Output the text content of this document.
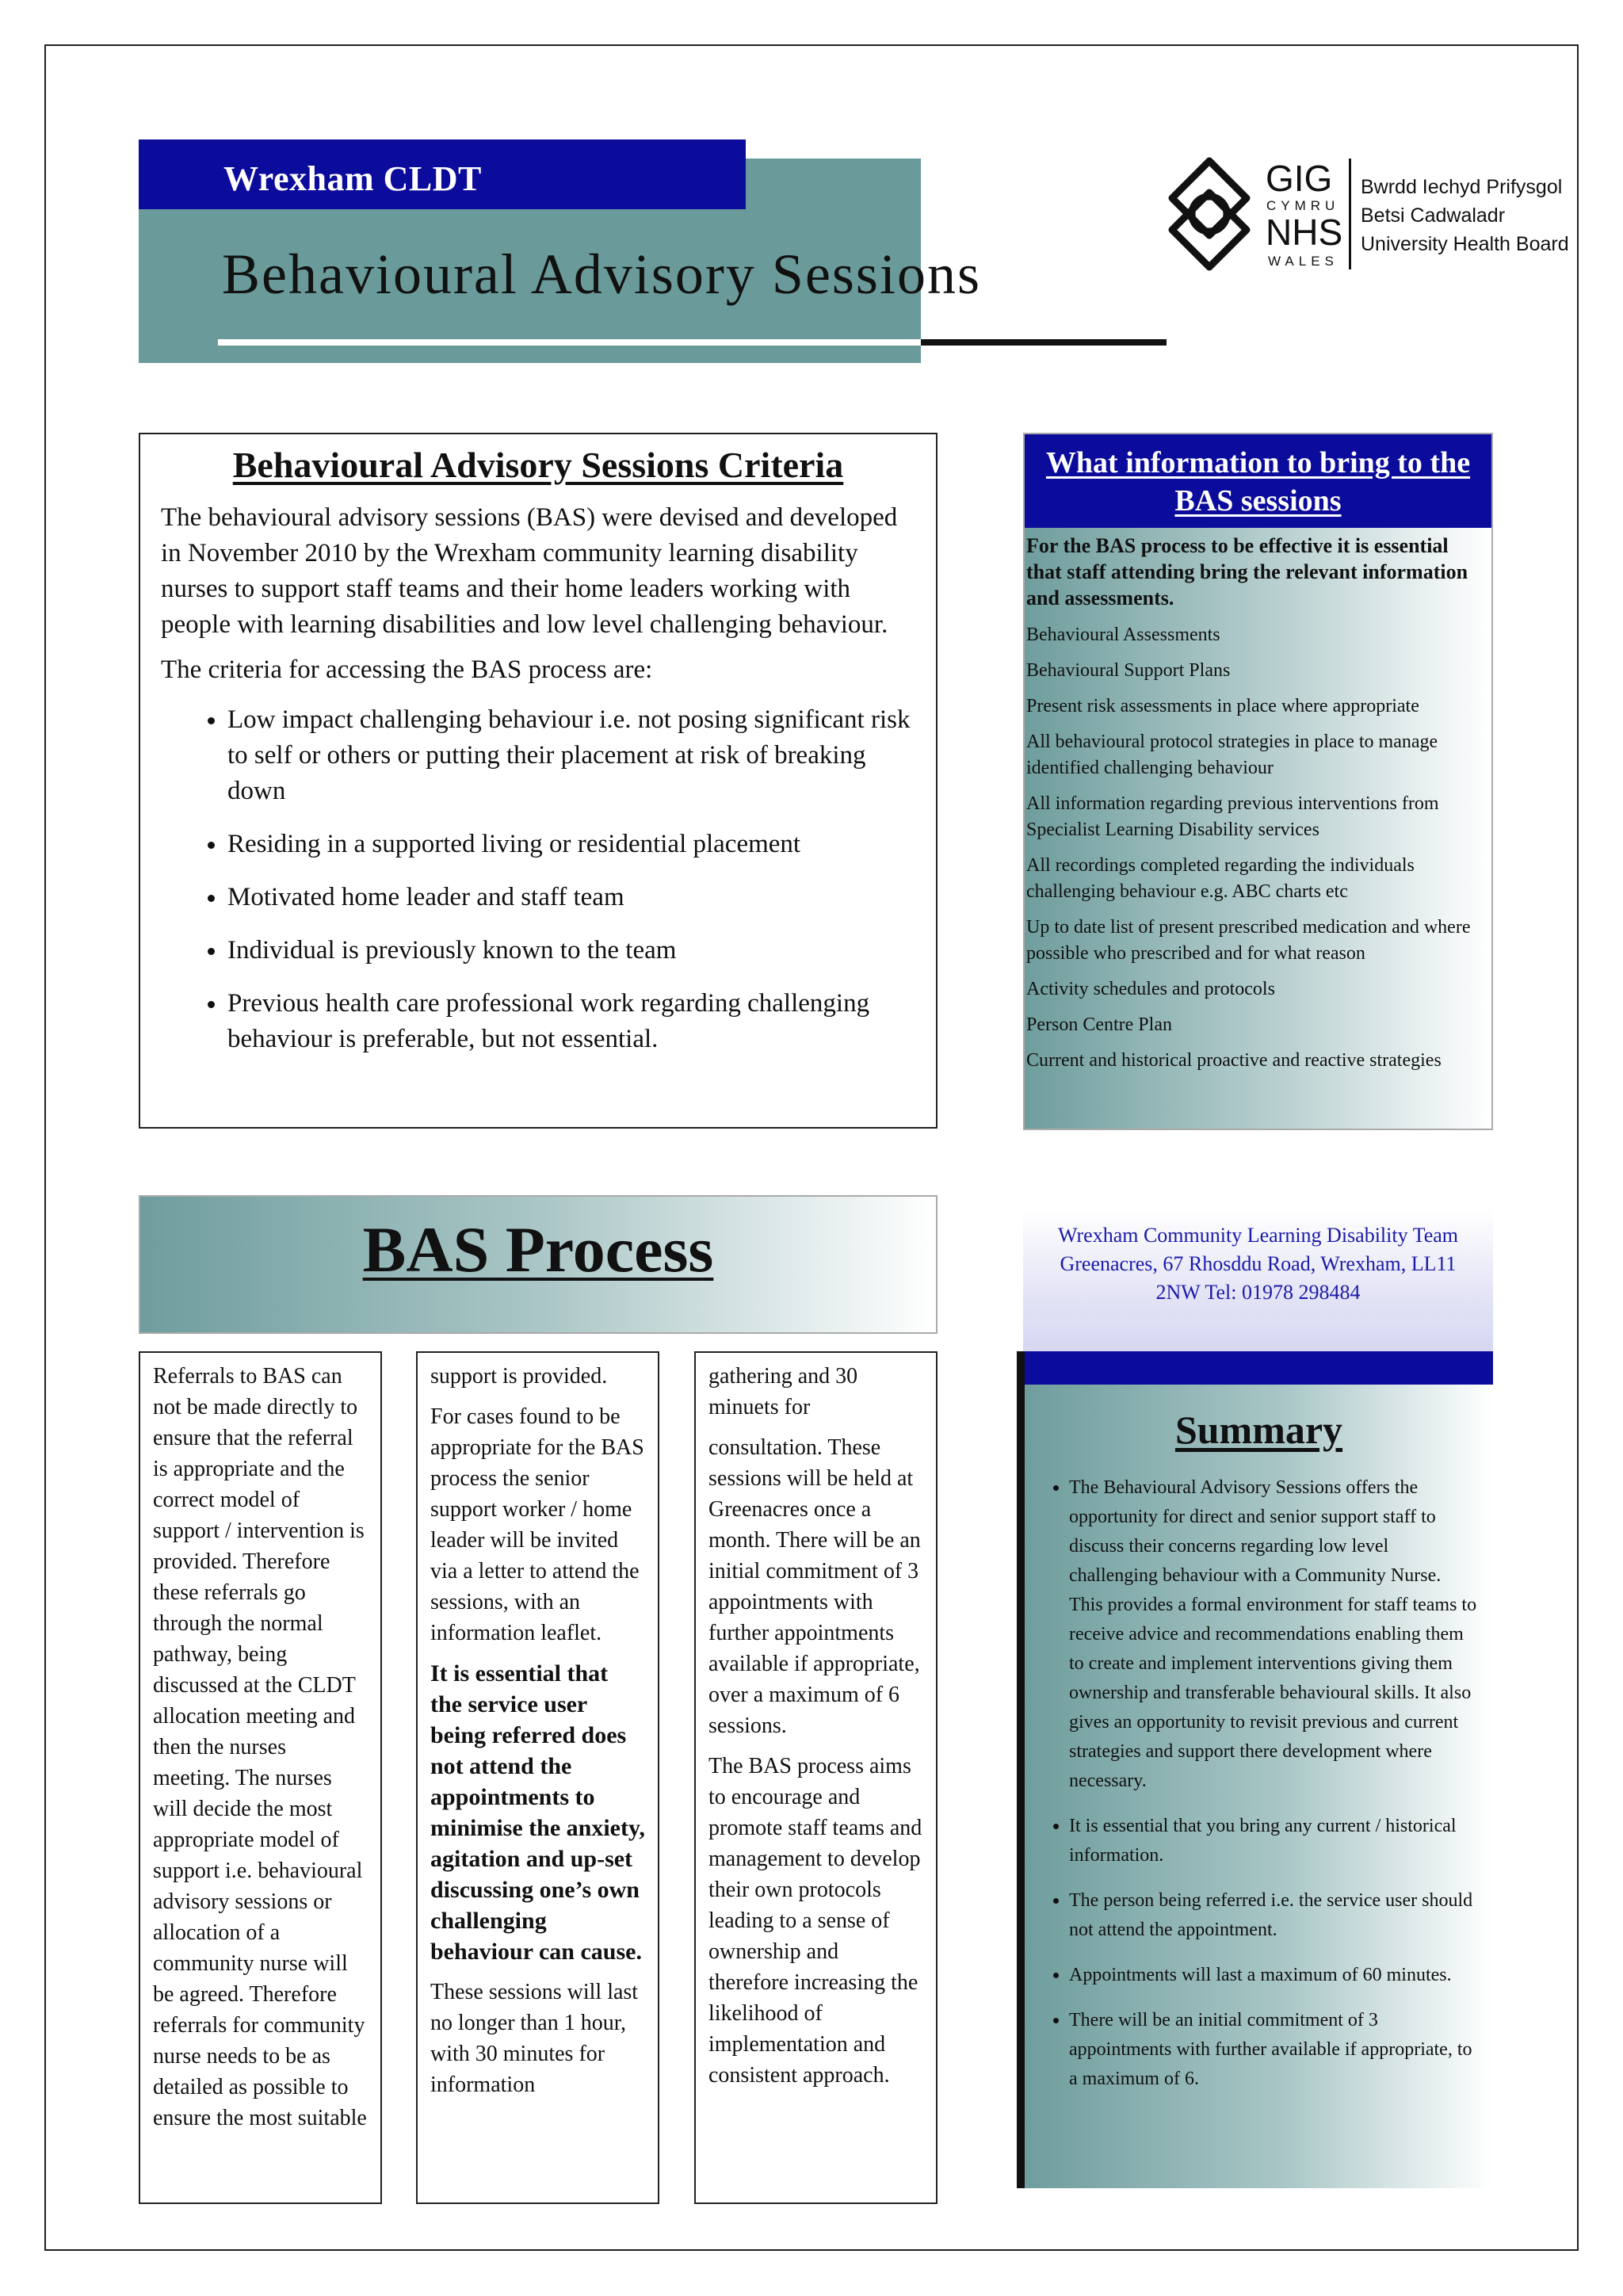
Wrexham CLDT
Behavioural Advisory Sessions
GIG
CYMRU
NHS
WALES
Bwrdd Iechyd Prifysgol
Betsi Cadwaladr
University Health Board
Behavioural Advisory Sessions Criteria

The behavioural advisory sessions (BAS) were devised and developed in November 2010 by the Wrexham community learning disability nurses to support staff teams and their home leaders working with people with learning disabilities and low level challenging behaviour.

The criteria for accessing the BAS process are:

• Low impact challenging behaviour i.e. not posing significant risk to self or others or putting their placement at risk of breaking down
• Residing in a supported living or residential placement
• Motivated home leader and staff team
• Individual is previously known to the team
• Previous health care professional work regarding challenging behaviour is preferable, but not essential.
What information to bring to the BAS sessions
For the BAS process to be effective it is essential that staff attending bring the relevant information and assessments.
Behavioural Assessments
Behavioural Support Plans
Present risk assessments in place where appropriate
All behavioural protocol strategies in place to manage identified challenging behaviour
All information regarding previous interventions from Specialist Learning Disability services
All recordings completed regarding the individuals challenging behaviour e.g. ABC charts etc
Up to date list of present prescribed medication and where possible who prescribed and for what reason
Activity schedules and protocols
Person Centre Plan
Current and historical proactive and reactive strategies
BAS Process	Wrexham Community Learning Disability Team
Greenacres, 67 Rhosddu Road, Wrexham, LL11
2NW Tel: 01978 298484

Referrals to BAS can not be made directly to ensure that the referral is appropriate and the correct model of support / intervention is provided. Therefore these referrals go through the normal pathway, being discussed at the CLDT allocation meeting and then the nurses meeting. The nurses will decide the most appropriate model of support i.e. behavioural advisory sessions or allocation of a community nurse will be agreed. Therefore referrals for community nurse needs to be as detailed as possible to ensure the most suitable

support is provided.

For cases found to be appropriate for the BAS process the senior support worker / home leader will be invited via a letter to attend the sessions, with an information leaflet.

It is essential that the service user being referred does not attend the appointments to minimise the anxiety, agitation and up-set discussing one’s own challenging behaviour can cause.

These sessions will last no longer than 1 hour, with 30 minutes for information

gathering and 30 minuets for

consultation. These sessions will be held at Greenacres once a month. There will be an initial commitment of 3 appointments with further appointments available if appropriate, over a maximum of 6 sessions.

The BAS process aims to encourage and promote staff teams and management to develop their own protocols leading to a sense of ownership and therefore increasing the likelihood of implementation and consistent approach.

Summary
• The Behavioural Advisory Sessions offers the opportunity for direct and senior support staff to discuss their concerns regarding low level challenging behaviour with a Community Nurse. This provides a formal environment for staff teams to receive advice and recommendations enabling them to create and implement interventions giving them ownership and transferable behavioural skills. It also gives an opportunity to revisit previous and current strategies and support there development where necessary.
• It is essential that you bring any current / historical information.
• The person being referred i.e. the service user should not attend the appointment.
• Appointments will last a maximum of 60 minutes.
• There will be an initial commitment of 3 appointments with further available if appropriate, to a maximum of 6.
